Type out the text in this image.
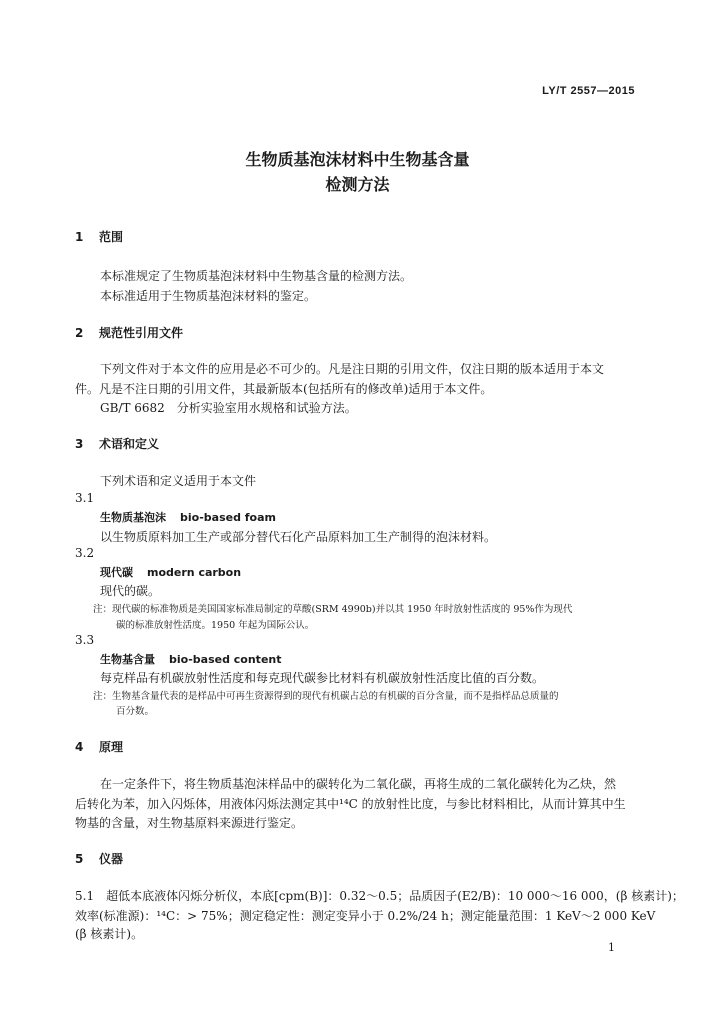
LY/T 2557—2015
生物质基泡沫材料中生物基含量
检测方法
1 范围
本标准规定了生物质基泡沫材料中生物基含量的检测方法。
本标准适用于生物质基泡沫材料的鉴定。
2 规范性引用文件
下列文件对于本文件的应用是必不可少的。凡是注日期的引用文件，仅注日期的版本适用于本文
件。凡是不注日期的引用文件，其最新版本(包括所有的修改单)适用于本文件。
GB/T 6682　分析实验室用水规格和试验方法。
3 术语和定义
下列术语和定义适用于本文件
3.1
生物质基泡沫 bio-based foam
以生物质原料加工生产或部分替代石化产品原料加工生产制得的泡沫材料。
3.2
现代碳 modern carbon
现代的碳。
注：现代碳的标准物质是美国国家标准局制定的草酸(SRM 4990b)并以其 1950 年时放射性活度的 95%作为现代
碳的标准放射性活度。1950 年起为国际公认。
3.3
生物基含量 bio-based content
每克样品有机碳放射性活度和每克现代碳参比材料有机碳放射性活度比值的百分数。
注：生物基含量代表的是样品中可再生资源得到的现代有机碳占总的有机碳的百分含量，而不是指样品总质量的
百分数。
4 原理
在一定条件下，将生物质基泡沫样品中的碳转化为二氧化碳，再将生成的二氧化碳转化为乙炔，然
后转化为苯，加入闪烁体，用液体闪烁法测定其中¹⁴C 的放射性比度，与参比材料相比，从而计算其中生
物基的含量，对生物基原料来源进行鉴定。
5 仪器
5.1　超低本底液体闪烁分析仪，本底[cpm(B)]：0.32～0.5；品质因子(E2/B)：10 000～16 000，(β 核素计)；
效率(标准源)：¹⁴C：> 75%；测定稳定性：测定变异小于 0.2%/24 h；测定能量范围：1 KeV～2 000 KeV
(β 核素计)。
1
